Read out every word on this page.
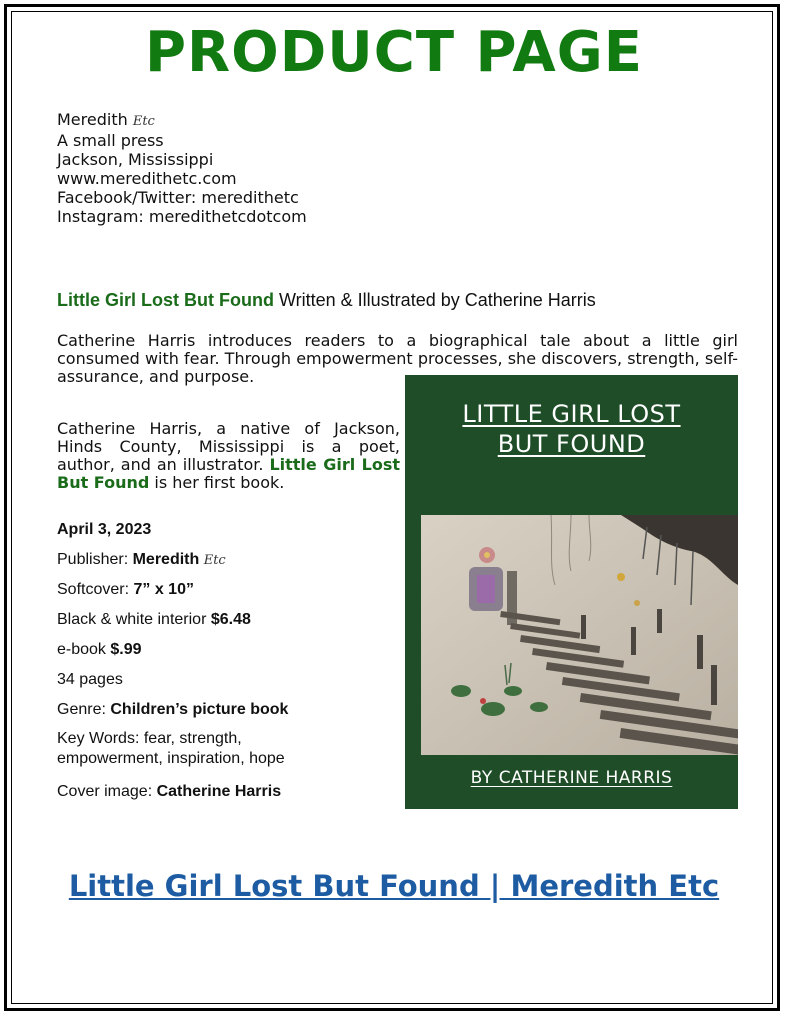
PRODUCT PAGE
Meredith Etc
A small press
Jackson, Mississippi
www.meredithetc.com
Facebook/Twitter: meredithetc
Instagram: meredithetcdotcom
Little Girl Lost But Found Written & Illustrated by Catherine Harris
Catherine Harris introduces readers to a biographical tale about a little girl consumed with fear. Through empowerment processes, she discovers, strength, self-assurance, and purpose.
Catherine Harris, a native of Jackson, Hinds County, Mississippi is a poet, author, and an illustrator. Little Girl Lost But Found is her first book.
April 3, 2023
Publisher: Meredith Etc
Softcover: 7” x 10”
Black & white interior $6.48
e-book $.99
34 pages
Genre: Children’s picture book
Key Words: fear, strength,
empowerment, inspiration, hope
Cover image: Catherine Harris
LITTLE GIRL LOST
BUT FOUND
BY CATHERINE HARRIS
Little Girl Lost But Found | Meredith Etc
